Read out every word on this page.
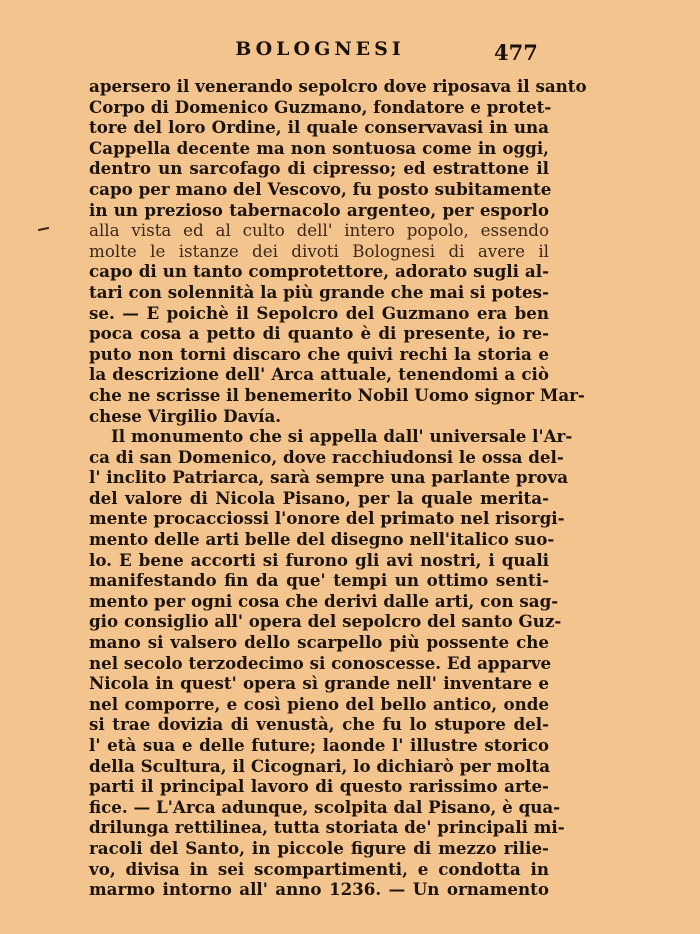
BOLOGNESI	477
apersero il venerando sepolcro dove riposava il santo
Corpo di Domenico Guzmano, fondatore e protet-
tore del loro Ordine, il quale conservavasi in una
Cappella decente ma non sontuosa come in oggi,
dentro un sarcofago di cipresso; ed estrattone il
capo per mano del Vescovo, fu posto subitamente
in un prezioso tabernacolo argenteo, per esporlo
alla vista ed al culto dell' intero popolo, essendo
molte le istanze dei divoti Bolognesi di avere il
capo di un tanto comprotettore, adorato sugli al-
tari con solennità la più grande che mai si potes-
se. — E poichè il Sepolcro del Guzmano era ben
poca cosa a petto di quanto è di presente, io re-
puto non torni discaro che quivi rechi la storia e
la descrizione dell' Arca attuale, tenendomi a ciò
che ne scrisse il benemerito Nobil Uomo signor Mar-
chese Virgilio Davía.
Il monumento che si appella dall' universale l'Ar-
ca di san Domenico, dove racchiudonsi le ossa del-
l' inclito Patriarca, sarà sempre una parlante prova
del valore di Nicola Pisano, per la quale merita-
mente procacciossi l'onore del primato nel risorgi-
mento delle arti belle del disegno nell'italico suo-
lo. E bene accorti si furono gli avi nostri, i quali
manifestando fin da que' tempi un ottimo senti-
mento per ogni cosa che derivi dalle arti, con sag-
gio consiglio all' opera del sepolcro del santo Guz-
mano si valsero dello scarpello più possente che
nel secolo terzodecimo si conoscesse. Ed apparve
Nicola in quest' opera sì grande nell' inventare e
nel comporre, e così pieno del bello antico, onde
si trae dovizia di venustà, che fu lo stupore del-
l' età sua e delle future; laonde l' illustre storico
della Scultura, il Cicognari, lo dichiarò per molta
parti il principal lavoro di questo rarissimo arte-
fice. — L'Arca adunque, scolpita dal Pisano, è qua-
drilunga rettilinea, tutta storiata de' principali mi-
racoli del Santo, in piccole figure di mezzo rilie-
vo, divisa in sei scompartimenti, e condotta in
marmo intorno all' anno 1236. — Un ornamento
